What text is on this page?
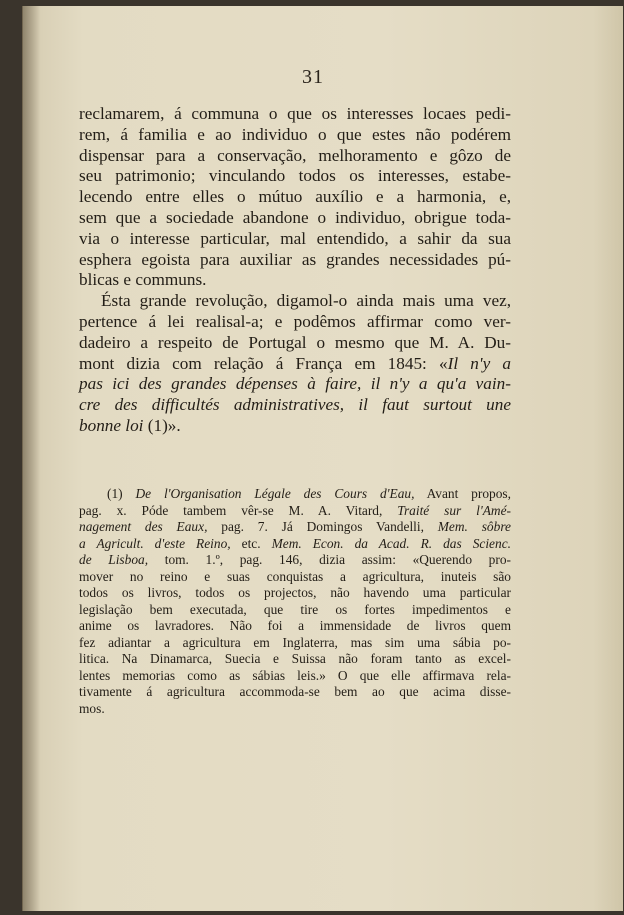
31
reclamarem, á communa o que os interesses locaes pedi-
rem, á familia e ao individuo o que estes não podérem
dispensar para a conservação, melhoramento e gôzo de
seu patrimonio; vinculando todos os interesses, estabe-
lecendo entre elles o mútuo auxílio e a harmonia, e,
sem que a sociedade abandone o individuo, obrigue toda-
via o interesse particular, mal entendido, a sahir da sua
esphera egoista para auxiliar as grandes necessidades pú-
blicas e communs.
Ésta grande revolução, digamol-o ainda mais uma vez,
pertence á lei realisal-a; e podêmos affirmar como ver-
dadeiro a respeito de Portugal o mesmo que M. A. Du-
mont dizia com relação á França em 1845: «Il n'y a
pas ici des grandes dépenses à faire, il n'y a qu'a vain-
cre des difficultés administratives, il faut surtout une
bonne loi (1)».
(1) De l'Organisation Légale des Cours d'Eau, Avant propos,
pag. x. Póde tambem vêr-se M. A. Vitard, Traité sur l'Amé-
nagement des Eaux, pag. 7. Já Domingos Vandelli, Mem. sôbre
a Agricult. d'este Reino, etc. Mem. Econ. da Acad. R. das Scienc.
de Lisboa, tom. 1.º, pag. 146, dizia assim: «Querendo pro-
mover no reino e suas conquistas a agricultura, inuteis são
todos os livros, todos os projectos, não havendo uma particular
legislação bem executada, que tire os fortes impedimentos e
anime os lavradores. Não foi a immensidade de livros quem
fez adiantar a agricultura em Inglaterra, mas sim uma sábia po-
litica. Na Dinamarca, Suecia e Suissa não foram tanto as excel-
lentes memorias como as sábias leis.» O que elle affirmava rela-
tivamente á agricultura accommoda-se bem ao que acima disse-
mos.
